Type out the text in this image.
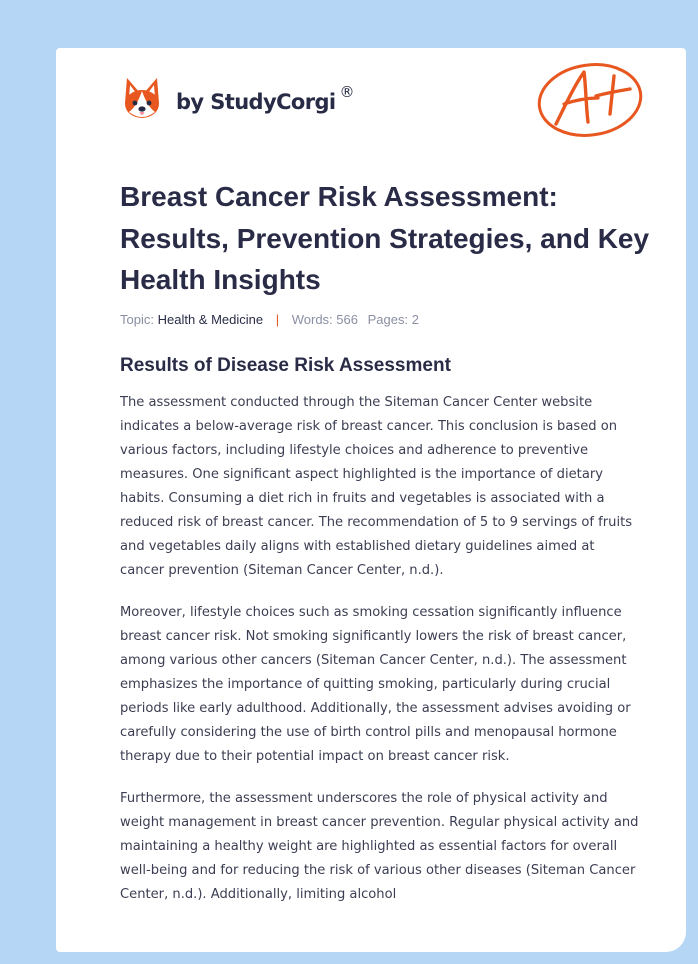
by StudyCorgi ®
Breast Cancer Risk Assessment: Results, Prevention Strategies, and Key Health Insights
Topic: Health & Medicine | Words: 566 Pages: 2
Results of Disease Risk Assessment

The assessment conducted through the Siteman Cancer Center website indicates a below-average risk of breast cancer. This conclusion is based on various factors, including lifestyle choices and adherence to preventive measures. One significant aspect highlighted is the importance of dietary habits. Consuming a diet rich in fruits and vegetables is associated with a reduced risk of breast cancer. The recommendation of 5 to 9 servings of fruits and vegetables daily aligns with established dietary guidelines aimed at cancer prevention (Siteman Cancer Center, n.d.).

Moreover, lifestyle choices such as smoking cessation significantly influence breast cancer risk. Not smoking significantly lowers the risk of breast cancer, among various other cancers (Siteman Cancer Center, n.d.). The assessment emphasizes the importance of quitting smoking, particularly during crucial periods like early adulthood. Additionally, the assessment advises avoiding or carefully considering the use of birth control pills and menopausal hormone therapy due to their potential impact on breast cancer risk.

Furthermore, the assessment underscores the role of physical activity and weight management in breast cancer prevention. Regular physical activity and maintaining a healthy weight are highlighted as essential factors for overall well-being and for reducing the risk of various other diseases (Siteman Cancer Center, n.d.). Additionally, limiting alcohol
